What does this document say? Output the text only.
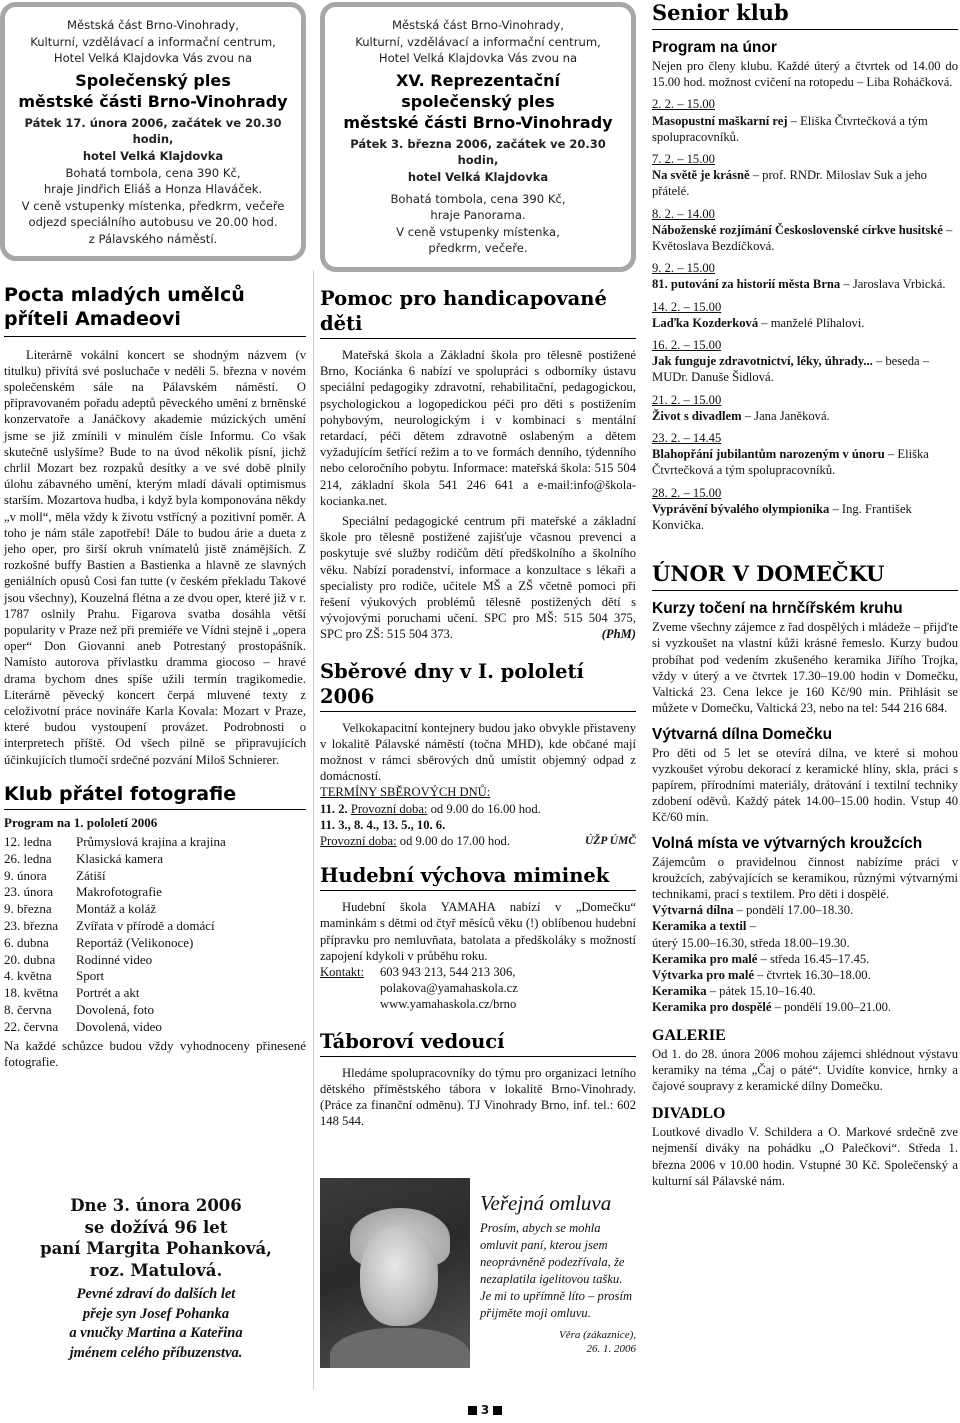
Městská část Brno-Vinohrady,
Kulturní, vzdělávací a informační centrum,
Hotel Velká Klajdovka Vás zvou na
Společenský ples
městské části Brno-Vinohrady
Pátek 17. února 2006, začátek ve 20.30 hodin,
hotel Velká Klajdovka
Bohatá tombola, cena 390 Kč,
hraje Jindřich Eliáš a Honza Hlaváček.
V ceně vstupenky místenka, předkrm, večeře
odjezd speciálního autobusu ve 20.00 hod.
z Pálavského náměstí.
Pocta mladých umělců
příteli Amadeovi

Literárně vokální koncert se shodným názvem (v titulku) přivítá své posluchače v neděli 5. března v novém společenském sále na Pálavském náměstí. O připravovaném pořadu adeptů pěveckého umění z brněnské konzervatoře a Janáčkovy akademie múzických umění jsme se již zmínili v minulém čísle Informu. Co však skutečně uslyšíme? Bude to na úvod několik písní, jichž chrlil Mozart bez rozpaků desítky a ve své době plnily úlohu zábavného umění, kterým mladí dávali optimismus starším. Mozartova hudba, i když byla komponována někdy „v moll“, měla vždy k životu vstřícný a pozitivní poměr. A toho je nám stále zapotřebí! Dále to budou árie a dueta z jeho oper, pro širší okruh vnímatelů jistě známějších. Z rozkošné buffy Bastien a Bastienka a hlavně ze slavných geniálních opusů Cosi fan tutte (v českém překladu Takové jsou všechny), Kouzelná flétna a ze dvou oper, které již v r. 1787 oslnily Prahu. Figarova svatba dosáhla větší popularity v Praze než při premiéře ve Vídni stejně i „opera oper“ Don Giovanni aneb Potrestaný prostopášník. Namísto autorova přívlastku dramma giocoso – hravé drama bychom dnes spíše užili termín tragikomedie. Literárně pěvecký koncert čerpá mluvené texty z celoživotní práce novináře Karla Kovala: Mozart v Praze, které budou vystoupení provázet. Podrobnosti o interpretech příště. Od všech pilně se připravujících účinkujících tlumočí srdečné pozvání Miloš Schnierer.

Klub přátel fotografie
Program na 1. pololetí 2006
12. ledna	Průmyslová krajina a krajina
26. ledna	Klasická kamera
9. února	Zátiší
23. února	Makrofotografie
9. března	Montáž a koláž
23. března	Zvířata v přírodě a domácí
6. dubna	Reportáž (Velikonoce)
20. dubna	Rodinné video
4. května	Sport
18. května	Portrét a akt
8. června	Dovolená, foto
22. června	Dovolená, video

Na každé schůzce budou vždy vyhodnoceny přinesené fotografie.

Dne 3. února 2006
se dožívá 96 let
paní Margita Pohanková,
roz. Matulová.
Pevné zdraví do dalších let
přeje syn Josef Pohanka
a vnučky Martina a Kateřina
jménem celého příbuzenstva.
Městská část Brno-Vinohrady,
Kulturní, vzdělávací a informační centrum,
Hotel Velká Klajdovka Vás zvou na
XV. Reprezentační
společenský ples
městské části Brno-Vinohrady
Pátek 3. března 2006, začátek ve 20.30 hodin,
hotel Velká Klajdovka
Bohatá tombola, cena 390 Kč,
hraje Panorama.
V ceně vstupenky místenka,
předkrm, večeře.
Pomoc pro handicapované děti

Mateřská škola a Základní škola pro tělesně postižené Brno, Kociánka 6 nabízí ve spolupráci s odborníky ústavu speciální pedagogiky zdravotní, rehabilitační, pedagogickou, psychologickou a logopedickou péči pro děti s postižením pohybovým, neurologickým i v kombinaci s mentální retardací, péči dětem zdravotně oslabeným a dětem vyžadujícím šetřící režim a to ve formách denního, týdenního nebo celoročního pobytu. Informace: mateřská škola: 515 504 214, základní škola 541 246 641 a e-mail:info@škola-kocianka.net.

Speciální pedagogické centrum při mateřské a základní škole pro tělesně postižené zajišťuje včasnou prevenci a poskytuje své služby rodičům dětí předškolního a školního věku. Nabízí poradenství, informace a konzultace s lékaři a specialisty pro rodiče, učitele MŠ a ZŠ včetně pomoci při řešení výukových problémů tělesně postižených dětí s vývojovými poruchami učení. SPC pro MŠ: 515 504 375, SPC pro ZŠ: 515 504 373.	(PhM)

Sběrové dny v I. pololetí 2006

Velkokapacitní kontejnery budou jako obvykle přistaveny v lokalitě Pálavské náměstí (točna MHD), kde občané mají možnost v rámci sběrových dnů umístit objemný odpad z domácností.

TERMÍNY SBĚROVÝCH DNŮ:
11. 2. Provozní doba: od 9.00 do 16.00 hod.
11. 3., 8. 4., 13. 5., 10. 6.
Provozní doba: od 9.00 do 17.00 hod.	ÚŽP ÚMČ
Hudební výchova miminek

Hudební škola YAMAHA nabízí v „Domečku“ maminkám s dětmi od čtyř měsíců věku (!) oblíbenou hudební přípravku pro nemluvňata, batolata a předškoláky s možností zapojení kdykoli v průběhu roku.

Kontakt:	603 943 213, 544 213 306,
polakova@yamahaskola.cz
www.yamahaskola.cz/brno
Táboroví vedoucí

Hledáme spolupracovníky do týmu pro organizaci letního dětského příměstského tábora v lokalitě Brno-Vinohrady. (Práce za finanční odměnu). TJ Vinohrady Brno, inf. tel.: 602 148 544.

Veřejná omluva
Prosím, abych se mohla omluvit paní, kterou jsem neoprávněně podezřívala, že nezaplatila igelitovou tašku. Je mi to upřímně líto – prosím přijměte moji omluvu.
Věra (zákaznice),
26. 1. 2006
Senior klub
Program na únor

Nejen pro členy klubu. Každé úterý a čtvrtek od 14.00 do 15.00 hod. možnost cvičení na rotopedu – Liba Roháčková.

2. 2. – 15.00
Masopustní maškarní rej – Eliška Čtvrtečková a tým spolupracovníků.
7. 2. – 15.00
Na světě je krásně – prof. RNDr. Miloslav Suk a jeho přátelé.
8. 2. – 14.00
Náboženské rozjímání Československé církve husitské – Květoslava Bezdíčková.
9. 2. – 15.00
81. putování za historií města Brna – Jaroslava Vrbická.
14. 2. – 15.00
Laďka Kozderková – manželé Plíhalovi.
16. 2. – 15.00
Jak funguje zdravotnictví, léky, úhrady... – beseda – MUDr. Danuše Šidlová.
21. 2. – 15.00
Život s divadlem – Jana Janěková.
23. 2. – 14.45
Blahopřání jubilantům narozeným v únoru – Eliška Čtvrtečková a tým spolupracovníků.
28. 2. – 15.00
Vyprávění bývalého olympionika – Ing. František Konvička.
ÚNOR V DOMEČKU
Kurzy točení na hrnčířském kruhu

Zveme všechny zájemce z řad dospělých i mládeže – přijďte si vyzkoušet na vlastní kůži krásné řemeslo. Kurzy budou probíhat pod vedením zkušeného keramika Jiřího Trojka, vždy v úterý a ve čtvrtek 17.30–19.00 hodin v Domečku, Valtická 23. Cena lekce je 160 Kč/90 min. Přihlásit se můžete v Domečku, Valtická 23, nebo na tel: 544 216 684.

Výtvarná dílna Domečku

Pro děti od 5 let se otevírá dílna, ve které si mohou vyzkoušet výrobu dekorací z keramické hlíny, skla, práci s papírem, přírodními materiály, drátování i textilní techniky zdobení oděvů. Každý pátek 14.00–15.00 hodin. Vstup 40 Kč/60 min.

Volná místa ve výtvarných kroužcích

Zájemcům o pravidelnou činnost nabízíme práci v kroužcích, zabývajících se keramikou, různými výtvarnými technikami, prací s textilem. Pro děti i dospělé.

Výtvarná dílna – pondělí 17.00–18.30.
Keramika a textil –
úterý 15.00–16.30, středa 18.00–19.30.
Keramika pro malé – středa 16.45–17.45.
Výtvarka pro malé – čtvrtek 16.30–18.00.
Keramika – pátek 15.10–16.40.
Keramika pro dospělé – pondělí 19.00–21.00.
GALERIE

Od 1. do 28. února 2006 mohou zájemci shlédnout výstavu keramiky na téma „Čaj o páté“. Uvidíte konvice, hrnky a čajové soupravy z keramické dílny Domečku.

DIVADLO

Loutkové divadlo V. Schildera a O. Markové srdečně zve nejmenší diváky na pohádku „O Palečkovi“. Středa 1. března 2006 v 10.00 hodin. Vstupné 30 Kč. Společenský a kulturní sál Pálavské nám.

3
